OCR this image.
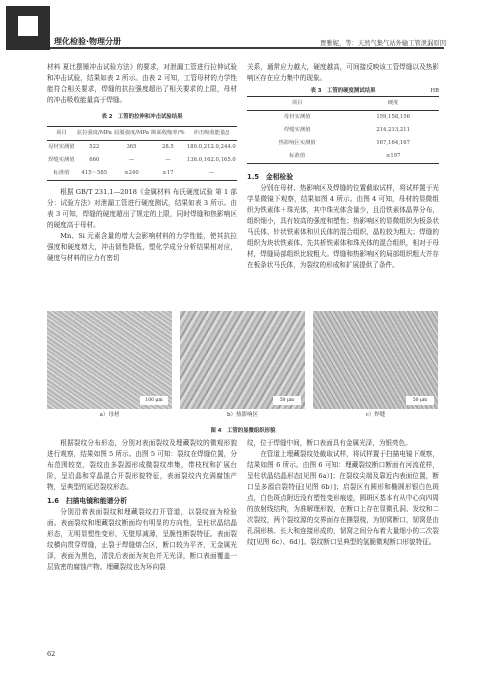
理化检验·物理分册	贾雅妮，等：天然气集气站外输工管泄漏原因

材料 夏比摆锤冲击试验方法》的要求，对泄漏工管进行拉伸试验和冲击试验，结果如表 2 所示。由表 2 可知，工管母材的力学性能符合相关要求，焊缝的抗拉强度超出了相关要求的上限，母材的冲击吸收能量高于焊缝。

表 2　工管的拉伸和冲击试验结果
项目	抗拉强度/MPa	屈服强度/MPa	断面收缩率/%	冲击吸收能量/J

母材实测值	522	365	28.5	180.0,212.0,244.0
焊缝实测值	660	—	—	136.0,162.0,165.0
标准值	415～585	≥240	≥17	—

根据 GB/T 231.1—2018《金属材料 布氏硬度试验 第 1 部分：试验方法》对泄漏工管进行硬度测试，结果如表 3 所示。由表 3 可知，焊缝的硬度超出了规定的上限，同时焊缝和热影响区的硬度高于母材。

Mn、Si 元素含量的增大会影响材料的力学性能，使其抗拉强度和硬度增大，冲击韧性降低，塑化学成分分析结果相对应，硬度与材料的应力有密切

关系，通常应力越大，硬度越高，可间接反映该工管焊缝以及热影响区存在应力集中的现象。

表 3　工管的硬度测试结果	HB
项目	硬度

母材实测值	159,158,156
焊缝实测值	214,213,211
热影响区实测值	167,164,167
标准值	≤197

1.5　金相检验

分别在母材、热影响区及焊缝的位置截取试样，将试样置于光学显微镜下观察，结果如图 4 所示。由图 4 可知，母材的显微组织为铁素体＋珠光体，其中珠光体含量少，且沿铁素体晶界分布，组织细小，具有较高的强度和塑性；热影响区的显微组织为板条状马氏体、针状铁素体和贝氏体的混合组织，晶粒较为粗大；焊缝的组织为块状铁素体、先共析铁素体和珠光体的混合组织，相对于母材，焊缝局部组织比较粗大。焊缝和热影响区的局部组织粗大并存在板条状马氏体，为裂纹的形成和扩展提供了条件。

100 μm
a）母材
50 μm
b）热影响区
50 μm
c）焊缝
图 4　工管的显微组织形貌

根据裂纹分布形态，分别对表面裂纹及埋藏裂纹的微观形貌进行观察，结果如图 5 所示。由图 5 可知：裂纹在焊缝位置，分布范围较宽，裂纹由多裂源形成微裂纹串集，带枝杈和扩展台阶，呈沿晶和穿晶混合开裂形貌特征，表面裂纹内充满腐蚀产物，呈典型的延迟裂纹形态。

1.6　扫描电镜和能谱分析

分别沿着表面裂纹和埋藏裂纹打开管道，以裂纹面为检验面。表面裂纹和埋藏裂纹断面均有明显的方向性，呈柱状晶结晶形态，无明显塑性变形，无壁厚减薄，呈脆性断裂特征。表面裂纹横向贯穿焊缝，止裂于焊缝熔合区，断口较为平齐，无金属光泽，表面为黑色，清洗后表面为灰色并无光泽，断口表面覆盖一层致密的腐蚀产物。埋藏裂纹也为环向裂

纹，位于焊缝中间，断口表面具有金属光泽，为银亮色。

在管道上埋藏裂纹处截取试样，将试样置于扫描电镜下观察，结果如图 6 所示。由图 6 可知：埋藏裂纹断口断面有河流花样，呈柱状晶结晶形态[见图 6a）]；在裂纹尖端及靠近内表面位置，断口呈多源启裂特征[见图 6b）]；启裂区有圆形和椭圆形银白色斑点，白色斑点附近没有塑性变形痕迹，圆斑区基本有从中心向四周的放射线结构，为准解理形貌，在断口上存在显微孔洞、发纹和二次裂纹，两个裂纹源的交界面存在撕裂棱，为韧窝断口，韧窝是由孔洞形核、长大和连接形成的，韧窝之间分布着大量细小的二次裂纹[见图 6c）、6d）]。裂纹断口呈典型的氢脆微观断口形貌特征。

62
